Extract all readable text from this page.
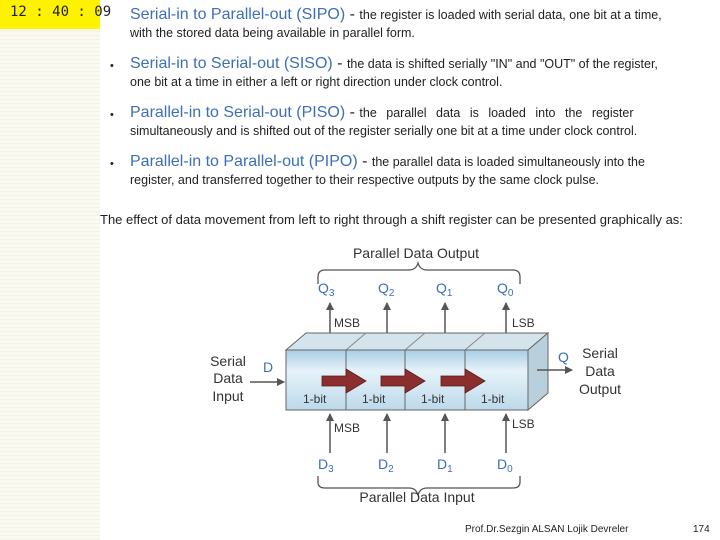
12 : 40 : 09 Serial-in to Parallel-out (SIPO) - the register is loaded with serial data, one bit at a time,
with the stored data being available in parallel form.
• Serial-in to Serial-out (SISO) - the data is shifted serially "IN" and "OUT" of the register,
one bit at a time in either a left or right direction under clock control.
• Parallel-in to Serial-out (PISO) - the parallel data is loaded into the register
simultaneously and is shifted out of the register serially one bit at a time under clock control.
• Parallel-in to Parallel-out (PIPO) - the parallel data is loaded simultaneously into the
register, and transferred together to their respective outputs by the same clock pulse.
The effect of data movement from left to right through a shift register can be presented graphically as:
Parallel Data Output
$Q_3$	$Q_2$	$Q_1$	$Q_0$
MSB	LSB
1-bit	1-bit	1-bit	1-bit
Serial
Data
Input
D
Q Serial
Data
Output
MSB	LSB
$D_3$	$D_2$	$D_1$	$D_0$
Parallel Data Input
Prof.Dr.Sezgin ALSAN Lojik Devreler	174
